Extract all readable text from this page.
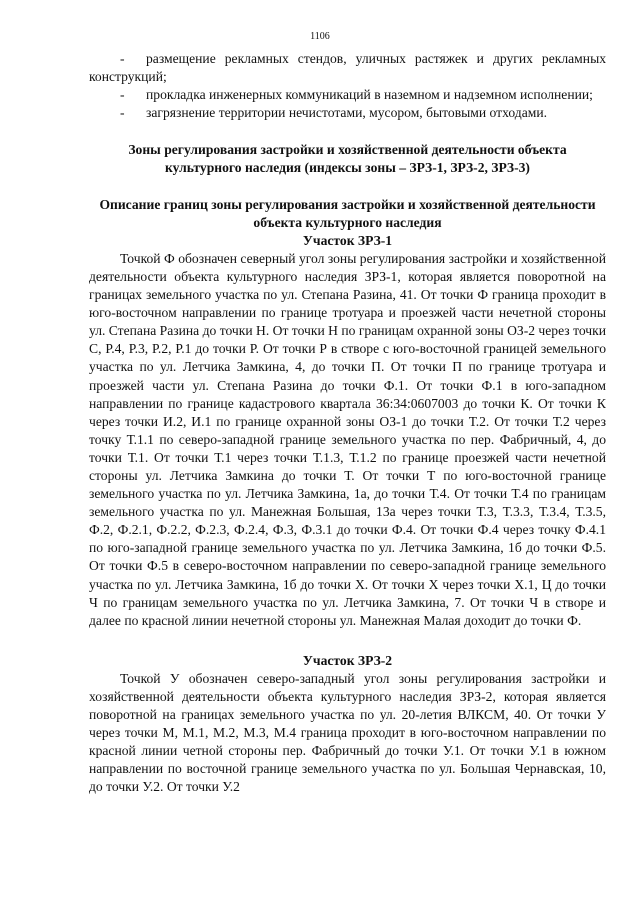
1106
-	размещение рекламных стендов, уличных растяжек и других рекламных конструкций;
-	прокладка инженерных коммуникаций в наземном и надземном исполнении;
-	загрязнение территории нечистотами, мусором, бытовыми отходами.
Зоны регулирования застройки и хозяйственной деятельности объекта культурного наследия (индексы зоны – ЗРЗ-1, ЗРЗ-2, ЗРЗ-3)
Описание границ зоны регулирования застройки и хозяйственной деятельности объекта культурного наследия
Участок ЗРЗ-1
Точкой Ф обозначен северный угол зоны регулирования застройки и хозяйственной деятельности объекта культурного наследия ЗРЗ-1, которая является поворотной на границах земельного участка по ул. Степана Разина, 41. От точки Ф граница проходит в юго-восточном направлении по границе тротуара и проезжей части нечетной стороны ул. Степана Разина до точки Н. От точки Н по границам охранной зоны ОЗ-2 через точки С, Р.4, Р.3, Р.2, Р.1 до точки Р. От точки Р в створе с юго-восточной границей земельного участка по ул. Летчика Замкина, 4, до точки П. От точки П по границе тротуара и проезжей части ул. Степана Разина до точки Ф.1. От точки Ф.1 в юго-западном направлении по границе кадастрового квартала 36:34:0607003 до точки К. От точки К через точки И.2, И.1 по границе охранной зоны ОЗ-1 до точки Т.2. От точки Т.2 через точку Т.1.1 по северо-западной границе земельного участка по пер. Фабричный, 4, до точки Т.1. От точки Т.1 через точки Т.1.3, Т.1.2 по границе проезжей части нечетной стороны ул. Летчика Замкина до точки Т. От точки Т по юго-восточной границе земельного участка по ул. Летчика Замкина, 1а, до точки Т.4. От точки Т.4 по границам земельного участка по ул. Манежная Большая, 13а через точки Т.3, Т.3.3, Т.3.4, Т.3.5, Ф.2, Ф.2.1, Ф.2.2, Ф.2.3, Ф.2.4, Ф.3, Ф.3.1 до точки Ф.4. От точки Ф.4 через точку Ф.4.1 по юго-западной границе земельного участка по ул. Летчика Замкина, 1б до точки Ф.5. От точки Ф.5 в северо-восточном направлении по северо-западной границе земельного участка по ул. Летчика Замкина, 1б до точки Х. От точки Х через точки Х.1, Ц до точки Ч по границам земельного участка по ул. Летчика Замкина, 7. От точки Ч в створе и далее по красной линии нечетной стороны ул. Манежная Малая доходит до точки Ф.
Участок ЗРЗ-2
Точкой У обозначен северо-западный угол зоны регулирования застройки и хозяйственной деятельности объекта культурного наследия ЗРЗ-2, которая является поворотной на границах земельного участка по ул. 20-летия ВЛКСМ, 40. От точки У через точки М, М.1, М.2, М.3, М.4 граница проходит в юго-восточном направлении по красной линии четной стороны пер. Фабричный до точки У.1. От точки У.1 в южном направлении по восточной границе земельного участка по ул. Большая Чернавская, 10, до точки У.2. От точки У.2
